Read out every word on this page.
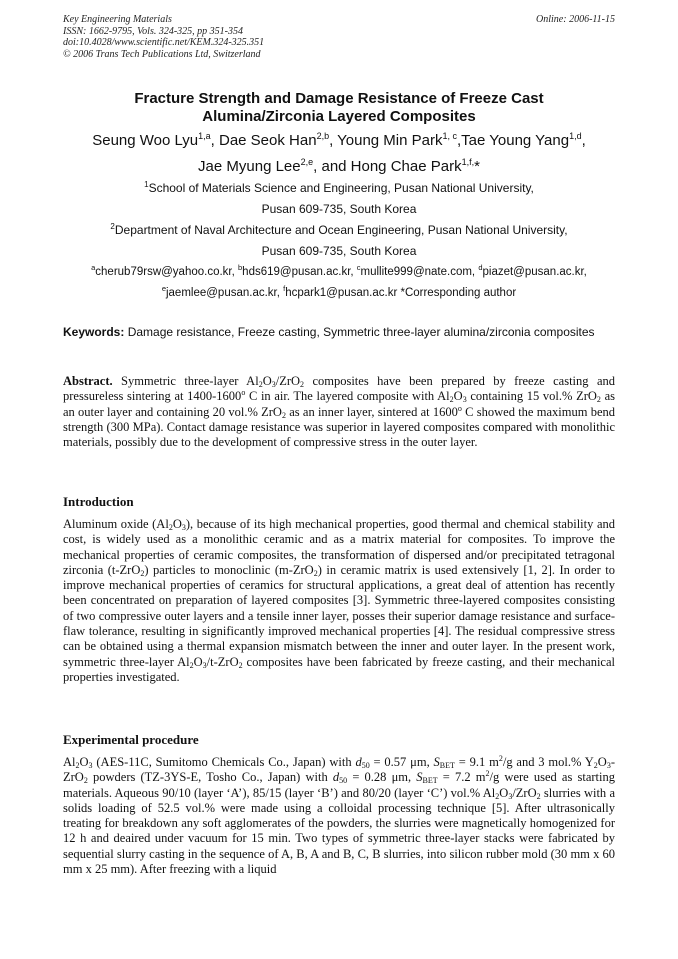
Key Engineering Materials
ISSN: 1662-9795, Vols. 324-325, pp 351-354
doi:10.4028/www.scientific.net/KEM.324-325.351
© 2006 Trans Tech Publications Ltd, Switzerland
Online: 2006-11-15
Fracture Strength and Damage Resistance of Freeze Cast
Alumina/Zirconia Layered Composites
Seung Woo Lyu$^{1,a}$, Dae Seok Han$^{2,b}$, Young Min Park$^{1, c}$,Tae Young Yang$^{1,d}$,
Jae Myung Lee$^{2,e}$, and Hong Chae Park$^{1,f,}$*
$^1$School of Materials Science and Engineering, Pusan National University,
Pusan 609-735, South Korea
$^2$Department of Naval Architecture and Ocean Engineering, Pusan National University,
Pusan 609-735, South Korea
$^a$cherub79rsw@yahoo.co.kr, $^b$hds619@pusan.ac.kr, $^c$mullite999@nate.com, $^d$piazet@pusan.ac.kr,
$^e$jaemlee@pusan.ac.kr, $^f$hcpark1@pusan.ac.kr *Corresponding author
Keywords: Damage resistance, Freeze casting, Symmetric three-layer alumina/zirconia composites
Abstract. Symmetric three-layer $Al_2O_3/ZrO_2$ composites have been prepared by freeze casting and pressureless sintering at 1400-1600$^o$ C in air. The layered composite with $Al_2O_3$ containing 15 vol.% ZrO$_2$ as an outer layer and containing 20 vol.% ZrO$_2$ as an inner layer, sintered at 1600$^o$ C showed the maximum bend strength (300 MPa). Contact damage resistance was superior in layered composites compared with monolithic materials, possibly due to the development of compressive stress in the outer layer.
Introduction
Aluminum oxide $(Al_2O_3)$, because of its high mechanical properties, good thermal and chemical stability and cost, is widely used as a monolithic ceramic and as a matrix material for composites. To improve the mechanical properties of ceramic composites, the transformation of dispersed and/or precipitated tetragonal zirconia (t-ZrO$_2$) particles to monoclinic (m-ZrO$_2$) in ceramic matrix is used extensively [1, 2]. In order to improve mechanical properties of ceramics for structural applications, a great deal of attention has recently been concentrated on preparation of layered composites [3]. Symmetric three-layered composites consisting of two compressive outer layers and a tensile inner layer, posses their superior damage resistance and surface-flaw tolerance, resulting in significantly improved mechanical properties [4]. The residual compressive stress can be obtained using a thermal expansion mismatch between the inner and outer layer. In the present work, symmetric three-layer $Al_2O_3/t-ZrO_2$ composites have been fabricated by freeze casting, and their mechanical properties investigated.
Experimental procedure
$Al_2O_3$ (AES-11C, Sumitomo Chemicals Co., Japan) with $d_{50} = 0.57$ μm, $S_{BET} = 9.1$ $m^2/g$ and 3 mol.% $Y_2O_3-ZrO_2$ powders (TZ-3YS-E, Tosho Co., Japan) with $d_{50} = 0.28$ μm, $S_{BET} = 7.2$ $m^2/g$ were used as starting materials. Aqueous 90/10 (layer ‘A’), 85/15 (layer ‘B’) and 80/20 (layer ‘C’) vol.% $Al_2O_3/ZrO_2$ slurries with a solids loading of 52.5 vol.% were made using a colloidal processing technique [5]. After ultrasonically treating for breakdown any soft agglomerates of the powders, the slurries were magnetically homogenized for 12 h and deaired under vacuum for 15 min. Two types of symmetric three-layer stacks were fabricated by sequential slurry casting in the sequence of A, B, A and B, C, B slurries, into silicon rubber mold (30 mm x 60 mm x 25 mm). After freezing with a liquid
